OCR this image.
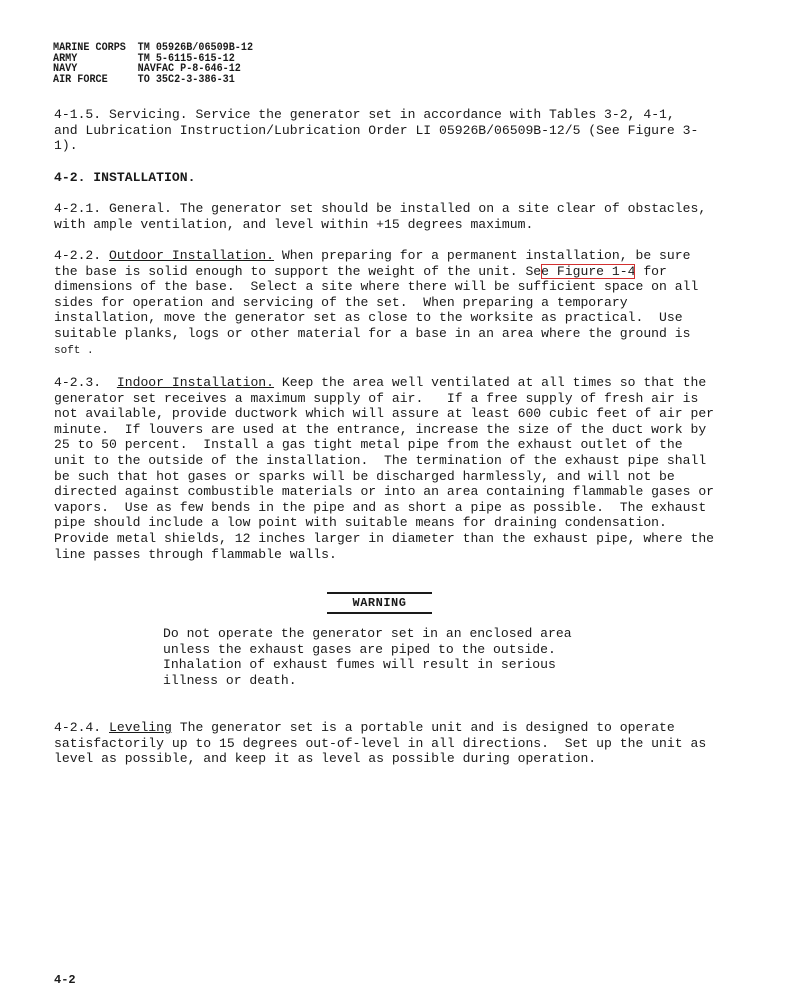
MARINE CORPS	TM 05926B/06509B-12
ARMY	TM 5-6115-615-12
NAVY	NAVFAC P-8-646-12
AIR FORCE	TO 35C2-3-386-31

4-1.5. Servicing. Service the generator set in accordance with Tables 3-2, 4-1,
and Lubrication Instruction/Lubrication Order LI 05926B/06509B-12/5 (See Figure 3-
1).

4-2. INSTALLATION.

4-2.1. General. The generator set should be installed on a site clear of obstacles,
with ample ventilation, and level within +15 degrees maximum.

4-2.2. Outdoor Installation. When preparing for a permanent installation, be sure
the base is solid enough to support the weight of the unit. See Figure 1-4 for
dimensions of the base.  Select a site where there will be sufficient space on all
sides for operation and servicing of the set.  When preparing a temporary
installation, move the generator set as close to the worksite as practical.  Use
suitable planks, logs or other material for a base in an area where the ground is
soft .

4-2.3. Indoor Installation. Keep the area well ventilated at all times so that the
generator set receives a maximum supply of air.   If a free supply of fresh air is
not available, provide ductwork which will assure at least 600 cubic feet of air per
minute.  If louvers are used at the entrance, increase the size of the duct work by
25 to 50 percent.  Install a gas tight metal pipe from the exhaust outlet of the
unit to the outside of the installation.  The termination of the exhaust pipe shall
be such that hot gases or sparks will be discharged harmlessly, and will not be
directed against combustible materials or into an area containing flammable gases or
vapors.  Use as few bends in the pipe and as short a pipe as possible.  The exhaust
pipe should include a low point with suitable means for draining condensation.
Provide metal shields, 12 inches larger in diameter than the exhaust pipe, where the
line passes through flammable walls.

WARNING

Do not operate the generator set in an enclosed area
unless the exhaust gases are piped to the outside.
Inhalation of exhaust fumes will result in serious
illness or death.

4-2.4. Leveling The generator set is a portable unit and is designed to operate
satisfactorily up to 15 degrees out-of-level in all directions.  Set up the unit as
level as possible, and keep it as level as possible during operation.

4-2
